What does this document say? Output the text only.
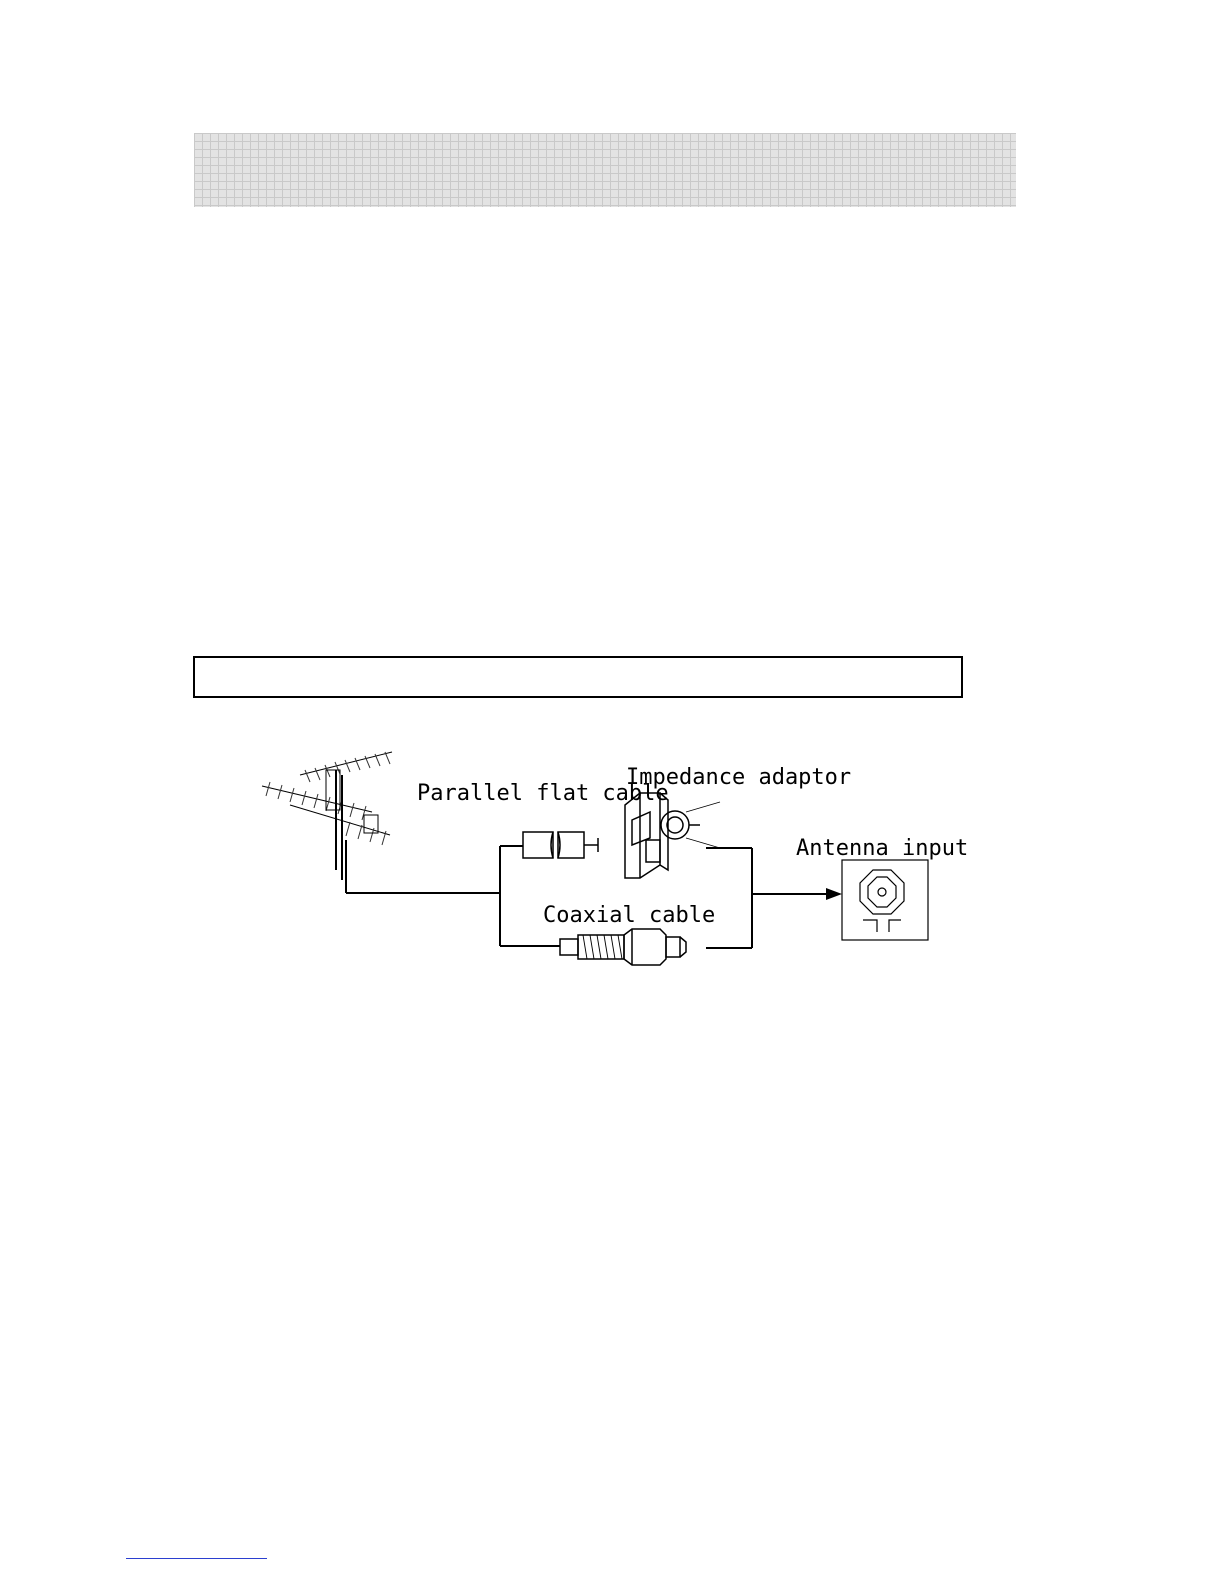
Parallel flat cable
Impedance adaptor
Antenna input
Coaxial cable
